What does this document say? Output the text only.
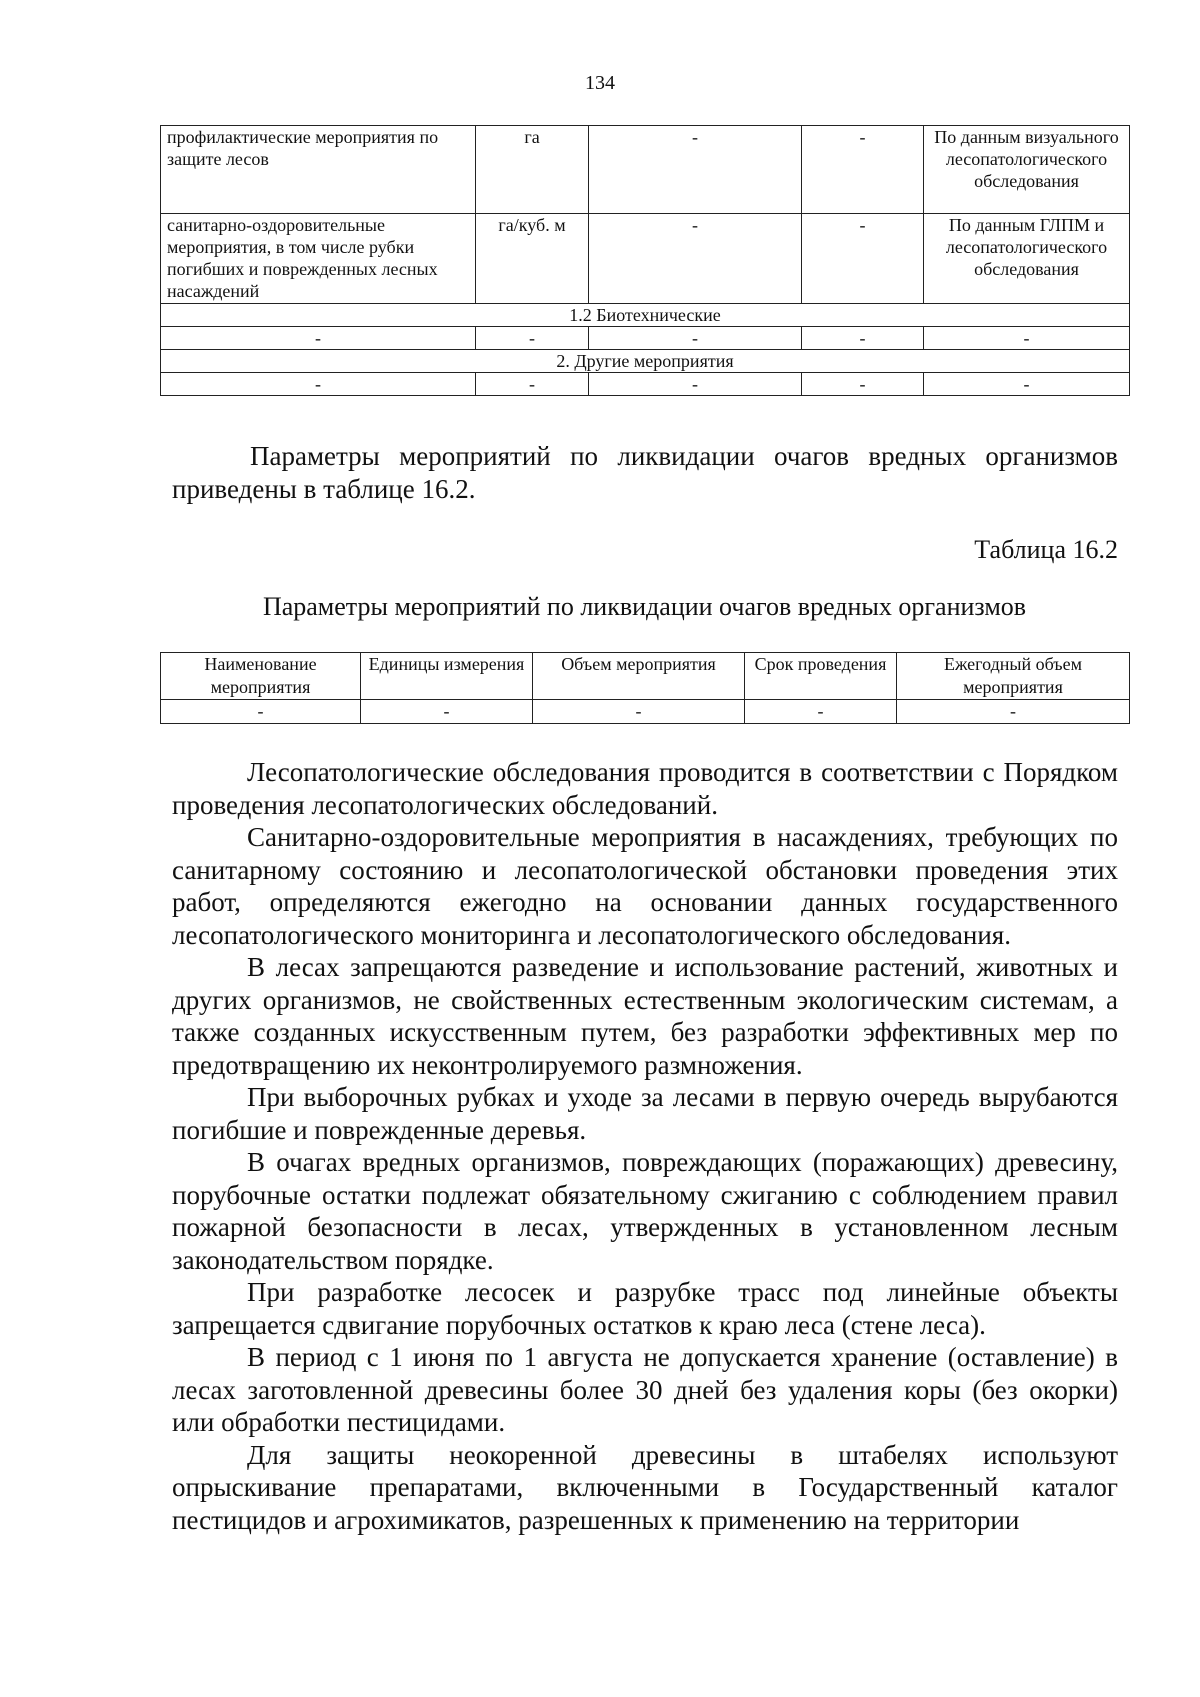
134
профилактические мероприятия по защите лесов	га	-	-	По данным визуального лесопатологического обследования
санитарно-оздоровительные мероприятия, в том числе рубки погибших и поврежденных лесных насаждений	га/куб. м	-	-	По данным ГЛПМ и лесопатологического обследования
1.2 Биотехнические				
-	-	-	-	-
2. Другие мероприятия				
-	-	-	-	-

Параметры мероприятий по ликвидации очагов вредных организмов приведены в таблице 16.2.

Таблица 16.2
Параметры мероприятий по ликвидации очагов вредных организмов
Наименование мероприятия	Единицы измерения	Объем мероприятия	Срок проведения	Ежегодный объем мероприятия
-	-	-	-	-

Лесопатологические обследования проводится в соответствии с Порядком проведения лесопатологических обследований.

Санитарно-оздоровительные мероприятия в насаждениях, требующих по санитарному состоянию и лесопатологической обстановки проведения этих работ, определяются ежегодно на основании данных государственного лесопатологического мониторинга и лесопатологического обследования.

В лесах запрещаются разведение и использование растений, животных и других организмов, не свойственных естественным экологическим системам, а также созданных искусственным путем, без разработки эффективных мер по предотвращению их неконтролируемого размножения.

При выборочных рубках и уходе за лесами в первую очередь вырубаются погибшие и поврежденные деревья.

В очагах вредных организмов, повреждающих (поражающих) древесину, порубочные остатки подлежат обязательному сжиганию с соблюдением правил пожарной безопасности в лесах, утвержденных в установленном лесным законодательством порядке.

При разработке лесосек и разрубке трасс под линейные объекты запрещается сдвигание порубочных остатков к краю леса (стене леса).

В период с 1 июня по 1 августа не допускается хранение (оставление) в лесах заготовленной древесины более 30 дней без удаления коры (без окорки) или обработки пестицидами.

Для защиты неокоренной древесины в штабелях используют опрыскивание препаратами, включенными в Государственный каталог пестицидов и агрохимикатов, разрешенных к применению на территории
